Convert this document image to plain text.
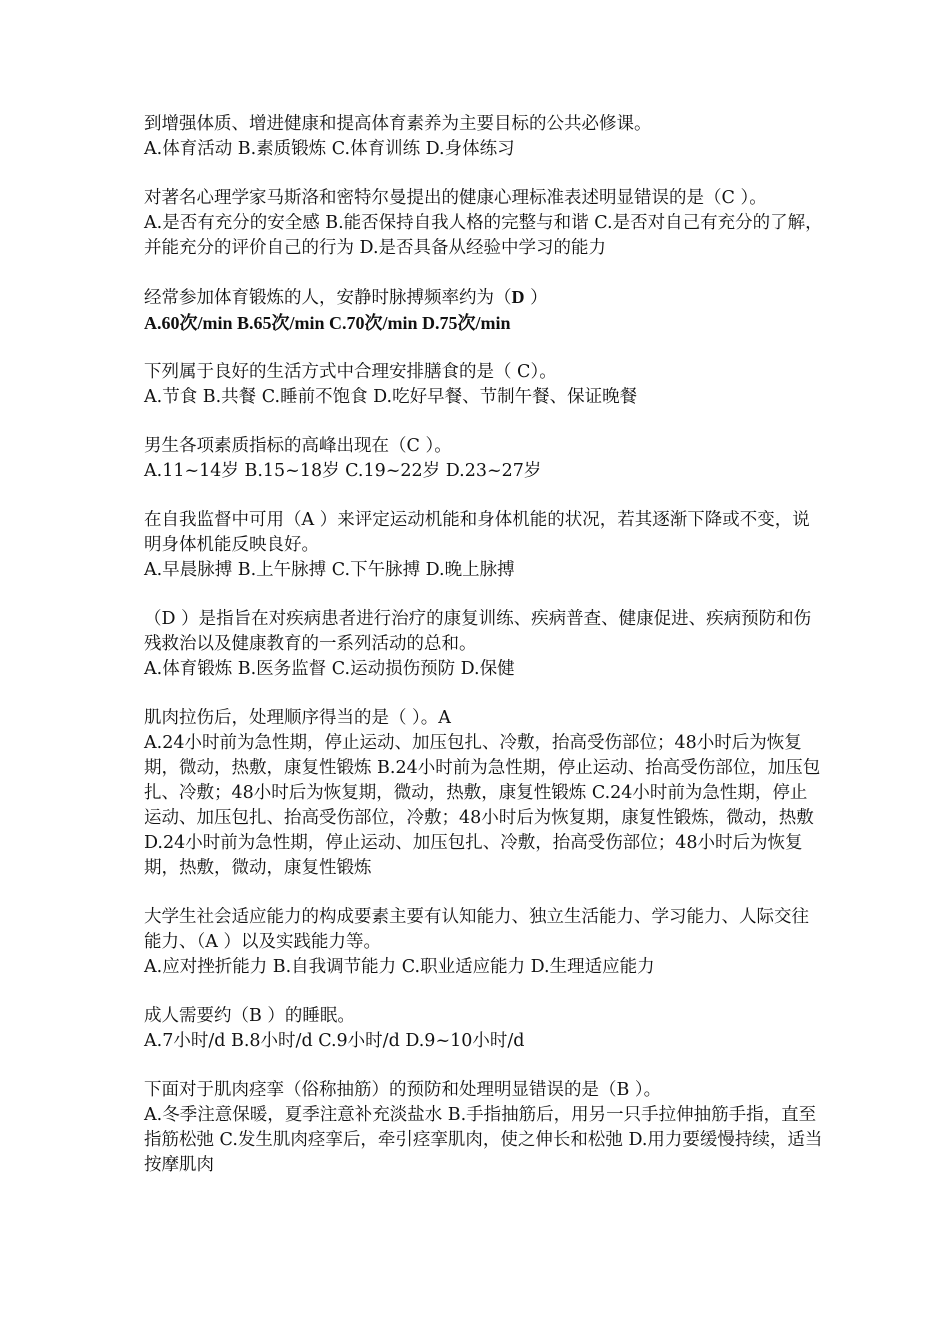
到增强体质、增进健康和提高体育素养为主要目标的公共必修课。

A.体育活动 B.素质锻炼 C.体育训练 D.身体练习

对著名心理学家马斯洛和密特尔曼提出的健康心理标准表述明显错误的是（C ）。

A.是否有充分的安全感 B.能否保持自我人格的完整与和谐 C.是否对自己有充分的了解，并能充分的评价自己的行为 D.是否具备从经验中学习的能力

经常参加体育锻炼的人，安静时脉搏频率约为（D ）

A.60次/min B.65次/min C.70次/min D.75次/min

下列属于良好的生活方式中合理安排膳食的是（ C）。

A.节食 B.共餐 C.睡前不饱食 D.吃好早餐、节制午餐、保证晚餐

男生各项素质指标的高峰出现在（C ）。

A.11~14岁 B.15~18岁 C.19~22岁 D.23~27岁

在自我监督中可用（A ）来评定运动机能和身体机能的状况，若其逐渐下降或不变，说明身体机能反映良好。

A.早晨脉搏 B.上午脉搏 C.下午脉搏 D.晚上脉搏

（D ）是指旨在对疾病患者进行治疗的康复训练、疾病普查、健康促进、疾病预防和伤残救治以及健康教育的一系列活动的总和。

A.体育锻炼 B.医务监督 C.运动损伤预防 D.保健

肌肉拉伤后，处理顺序得当的是（ ）。A

A.24小时前为急性期，停止运动、加压包扎、冷敷，抬高受伤部位；48小时后为恢复期，微动，热敷，康复性锻炼 B.24小时前为急性期，停止运动、抬高受伤部位，加压包扎、冷敷；48小时后为恢复期，微动，热敷，康复性锻炼 C.24小时前为急性期，停止运动、加压包扎、抬高受伤部位，冷敷；48小时后为恢复期，康复性锻炼，微动，热敷 D.24小时前为急性期，停止运动、加压包扎、冷敷，抬高受伤部位；48小时后为恢复期，热敷，微动，康复性锻炼

大学生社会适应能力的构成要素主要有认知能力、独立生活能力、学习能力、人际交往能力、（A ）以及实践能力等。

A.应对挫折能力 B.自我调节能力 C.职业适应能力 D.生理适应能力

成人需要约（B ）的睡眠。

A.7小时/d B.8小时/d C.9小时/d D.9~10小时/d

下面对于肌肉痉挛（俗称抽筋）的预防和处理明显错误的是（B ）。

A.冬季注意保暖，夏季注意补充淡盐水 B.手指抽筋后，用另一只手拉伸抽筋手指，直至指筋松弛 C.发生肌肉痉挛后，牵引痉挛肌肉，使之伸长和松弛 D.用力要缓慢持续，适当按摩肌肉
